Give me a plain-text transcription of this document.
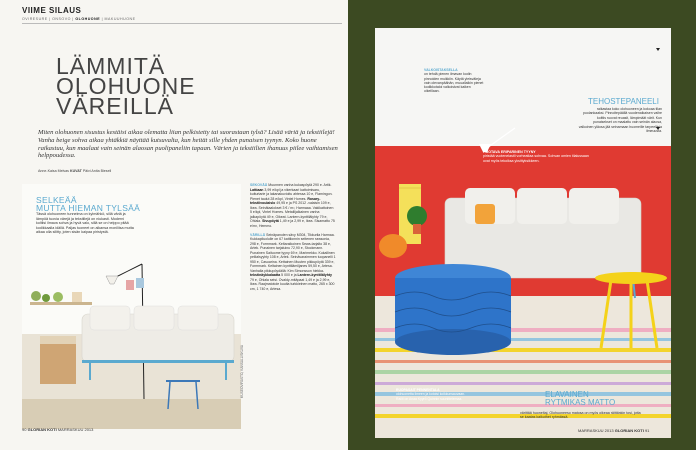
VIIME SILAUS
OVIRESURE | ONSOVO | OLOHUONE | MAKUUHUONE
LÄMMITÄ
OLOHUONE
VÄREILLÄ
Miten olohuonen sisustus kestäisi aikaa olematta liian pelkistetty tai suorastaan tylsä? Lisää väriä ja tekstiilejä! Vanha beige sohva aikaa yhtäkkiä näyttää kutsuvalta, kun heität sille yhden punaisen tyynyn. Koko huone raikastuu, kun maalaat vain seinän alaosan puolipaneliin tapaan. Värien ja tekstiilien ihanuus piilee vaihtamisen helppoudessa.
Anne-Kaisa Melvas KUVAT Päivi Anita Biesell
SELKEÄÄ
MUTTA HIEMAN TYLSÄÄ
Tässä olohuoneen tunnelma on kylmähkö, sillä väriä ja lämpöä tuovia värejä ja tekstiilejä on niukasti. Moderni koltiisi ilmava sohva ja hyvä valo, sillä se on helppo pitää kodikkaalla idällä. Paljas tuoneet on aikansa moniliisa mutta aikaa olla silitty, joten sisän kaipaa piristystä.
SEKOVÄÄ Muunnen vanha kukaspöytä 290 e. Artik. Lattiaan 3,99 e/kpl ja vikerkaari kattoimisaru, kuiturtarie ja lakanakuvioitu ahtessa 10 e, Flamingon. Pienet taulut 28 e/kpl, Vintel Homes. Rosary-tekstiivoulaislo 49,95 e ja PS 2012 -valaisin 109 e, Ikea. Seinätaalokset 3 € / m², Harmaaa. Vakikattoinen 5 e/kpl, Vintel Homes. Metallijalkainen vanha jalkapöytä 49 e, Oikeat. Lantern-kynttilälyhty 79 e, Ohlala. Sivupöytä 1,49 e ja 2,99 e, Ikea. Sisamatto 75 e/m², Hemmo.

VÄRILLÄ Seinäpanolen sävy M304, Tikkurila Harmaa. Kukkapiluolulle on 67 kattilonnin seitenen seasonia, 298 e, Formmark. Keltaraikoinen Sewa-tarjalto 38 e, Artek. Punainen tarjaluinu 72,90 e, Stockmann. Punainen Saituome tyyny 69 e, Marimekko. Kukallinen peilialsyyhty 108 e, Artek. Seinävaraimmen tuopanelli 1 950 e, Casuarina. Kettainen Muuten pikkupöytä 339 e, Formmark. Keltainen kynttilämiljanes 59,50 e, Artesa. Vanhalla pikkupöydällä: Kim Simonsson hiekka- tekstinäykkalaatta 5 000 e ja Lantern-kynttilälyhty 79 e, Ohlala seisi. Ovaldy-mitäpaat 1,49 e ja 2,99 e, Ikea. Raajmatotole kuulta turkkielnen matto, 265 x 300 cm, 1 740 e, Artesa.
MUSEOVIRASTO, KANSALLISKUVA
90 GLORIAN KOTI MARRASKUU 2013
VALKOISTAKSELLA
on tehdä pienen ilmavan kodin pinnoiden muikkiin. Käytä yleisväleja vain olevanpäähän, muuallaikin pienet kodikkotaloi valkoistvat kaiken oikeillaan.
TEHOSTEPANEELI
raikastaa koko olohuoneen ja kokoaa tilan puolankaaksi. Pinnoitepäällä vuodenaikaisen vaihe koittis ruovat reuasit, lämpimäät värit. Kun punaisekset on maalattu vain seinän alaosa, valkoinen yläosa jää seinamaan huomeille tarpeellisia ilmeuusta.
HUOTAVA ERIPARINEN TYYNY
piristää vuotenelastli vorheatlaa sohvaa. Sohvan omien tilalussaan ovat myös tekoiksa yksittyksikkeen.
RUOPASAIT PENNENTALA
olohuonetta ilmeen ja kotoisi koikkunsauvaan. Raiiti on Anaa Kyyrö Quinnin suunittelemaa.	ELAVAINEN
RYTMIKAS MATTO
värittää huoneltaj. Olohuoneeso matosa on myös oikeaa räittänkin tosi, jotta se kaatas kaikuthet ryhmässä.
MARRASKUU 2013 GLORIAN KOTI 91
